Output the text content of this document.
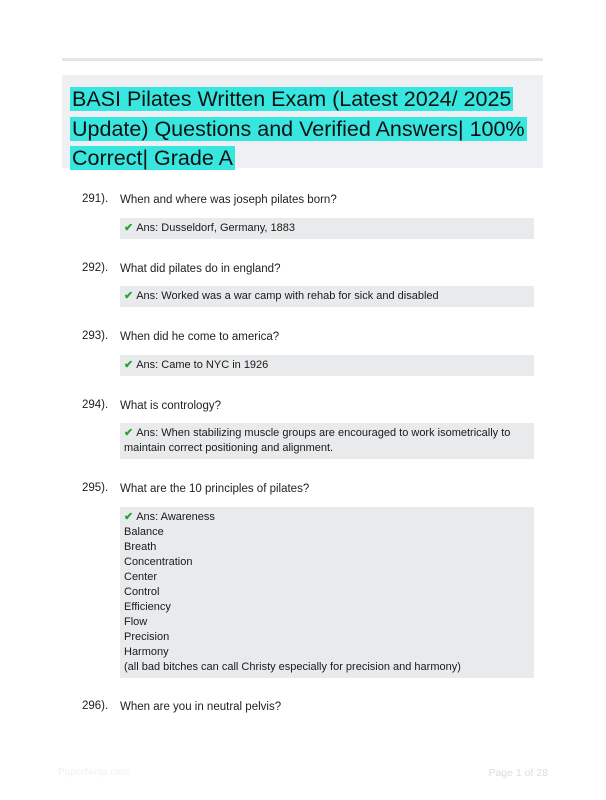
BASI Pilates Written Exam (Latest 2024/ 2025 Update) Questions and Verified Answers| 100% Correct| Grade A
291). When and where was joseph pilates born?
✔ Ans: Dusseldorf, Germany, 1883
292). What did pilates do in england?
✔ Ans: Worked was a war camp with rehab for sick and disabled
293). When did he come to america?
✔ Ans: Came to NYC in 1926
294). What is contrology?
✔ Ans: When stabilizing muscle groups are encouraged to work isometrically to
maintain correct positioning and alignment.
295). What are the 10 principles of pilates?
✔ Ans: Awareness
Balance
Breath
Concentration
Center
Control
Efficiency
Flow
Precision
Harmony
(all bad bitches can call Christy especially for precision and harmony)
296). When are you in neutral pelvis?
PaperNinja.com	Page 1 of 28
